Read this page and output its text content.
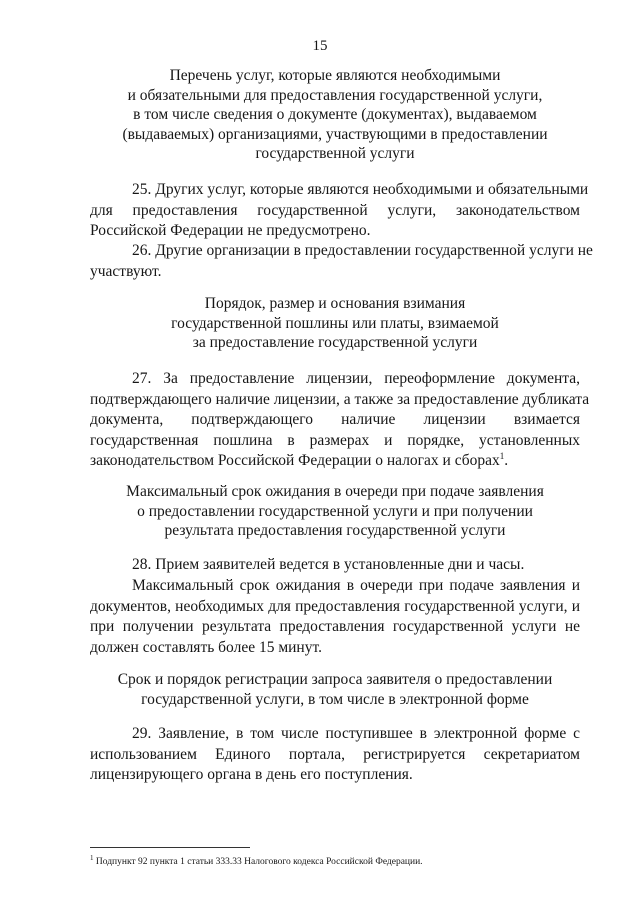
15
Перечень услуг, которые являются необходимыми
и обязательными для предоставления государственной услуги,
в том числе сведения о документе (документах), выдаваемом
(выдаваемых) организациями, участвующими в предоставлении
государственной услуги
25. Других услуг, которые являются необходимыми и обязательными
для предоставления государственной услуги, законодательством
Российской Федерации не предусмотрено.
26. Другие организации в предоставлении государственной услуги не
участвуют.
Порядок, размер и основания взимания
государственной пошлины или платы, взимаемой
за предоставление государственной услуги
27. За предоставление лицензии, переоформление документа,
подтверждающего наличие лицензии, а также за предоставление дубликата
документа, подтверждающего наличие лицензии взимается
государственная пошлина в размерах и порядке, установленных
законодательством Российской Федерации о налогах и сборах$^1$.
Максимальный срок ожидания в очереди при подаче заявления
о предоставлении государственной услуги и при получении
результата предоставления государственной услуги
28. Прием заявителей ведется в установленные дни и часы.
Максимальный срок ожидания в очереди при подаче заявления и
документов, необходимых для предоставления государственной услуги, и
при получении результата предоставления государственной услуги не
должен составлять более 15 минут.
Срок и порядок регистрации запроса заявителя о предоставлении
государственной услуги, в том числе в электронной форме
29. Заявление, в том числе поступившее в электронной форме с
использованием Единого портала, регистрируется секретариатом
лицензирующего органа в день его поступления.
$^1$ Подпункт 92 пункта 1 статьи 333.33 Налогового кодекса Российской Федерации.
